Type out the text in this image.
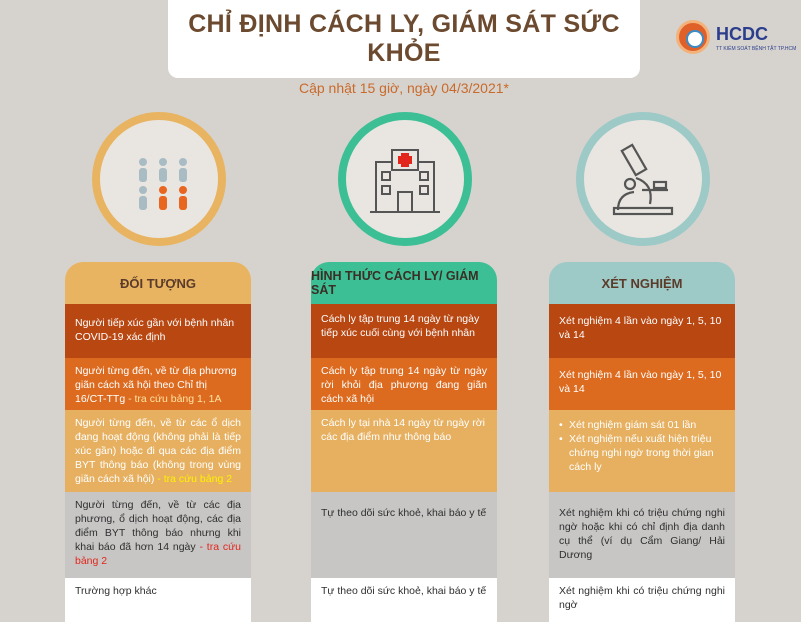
CHỈ ĐỊNH CÁCH LY, GIÁM SÁT SỨC KHỎE
Cập nhật 15 giờ, ngày 04/3/2021*
HCDC
TT KIỂM SOÁT BỆNH TẬT TP.HCM
ĐỐI TƯỢNG
Người tiếp xúc gần với bệnh nhân COVID-19 xác định
Người từng đến, về từ địa phương giãn cách xã hội theo Chỉ thị 16/CT-TTg - tra cứu bảng 1, 1A
Người từng đến, về từ các ổ dịch đang hoạt động (không phải là tiếp xúc gần) hoặc đi qua các địa điểm BYT thông báo (không trong vùng giãn cách xã hội) - tra cứu bảng 2
Người từng đến, về từ các địa phương, ổ dịch hoạt động, các địa điểm BYT thông báo nhưng khi khai báo đã hơn 14 ngày - tra cứu bảng 2
Trường hợp khác
HÌNH THỨC CÁCH LY/ GIÁM SÁT
Cách ly tập trung 14 ngày từ ngày tiếp xúc cuối cùng với bệnh nhân
Cách ly tập trung 14 ngày từ ngày rời khỏi địa phương đang giãn cách xã hội
Cách ly tại nhà 14 ngày từ ngày rời các địa điểm như thông báo
Tự theo dõi sức khoẻ, khai báo y tế
Tự theo dõi sức khoẻ, khai báo y tế
XÉT NGHIỆM
Xét nghiệm 4 lần vào ngày 1, 5, 10 và 14
Xét nghiệm 4 lần vào ngày 1, 5, 10 và 14
• Xét nghiệm giám sát 01 lần
• Xét nghiệm nếu xuất hiện triệu chứng nghi ngờ trong thời gian cách ly
Xét nghiệm khi có triệu chứng nghi ngờ hoặc khi có chỉ định địa danh cụ thể (ví dụ Cẩm Giang/ Hải Dương
Xét nghiệm khi có triệu chứng nghi ngờ
